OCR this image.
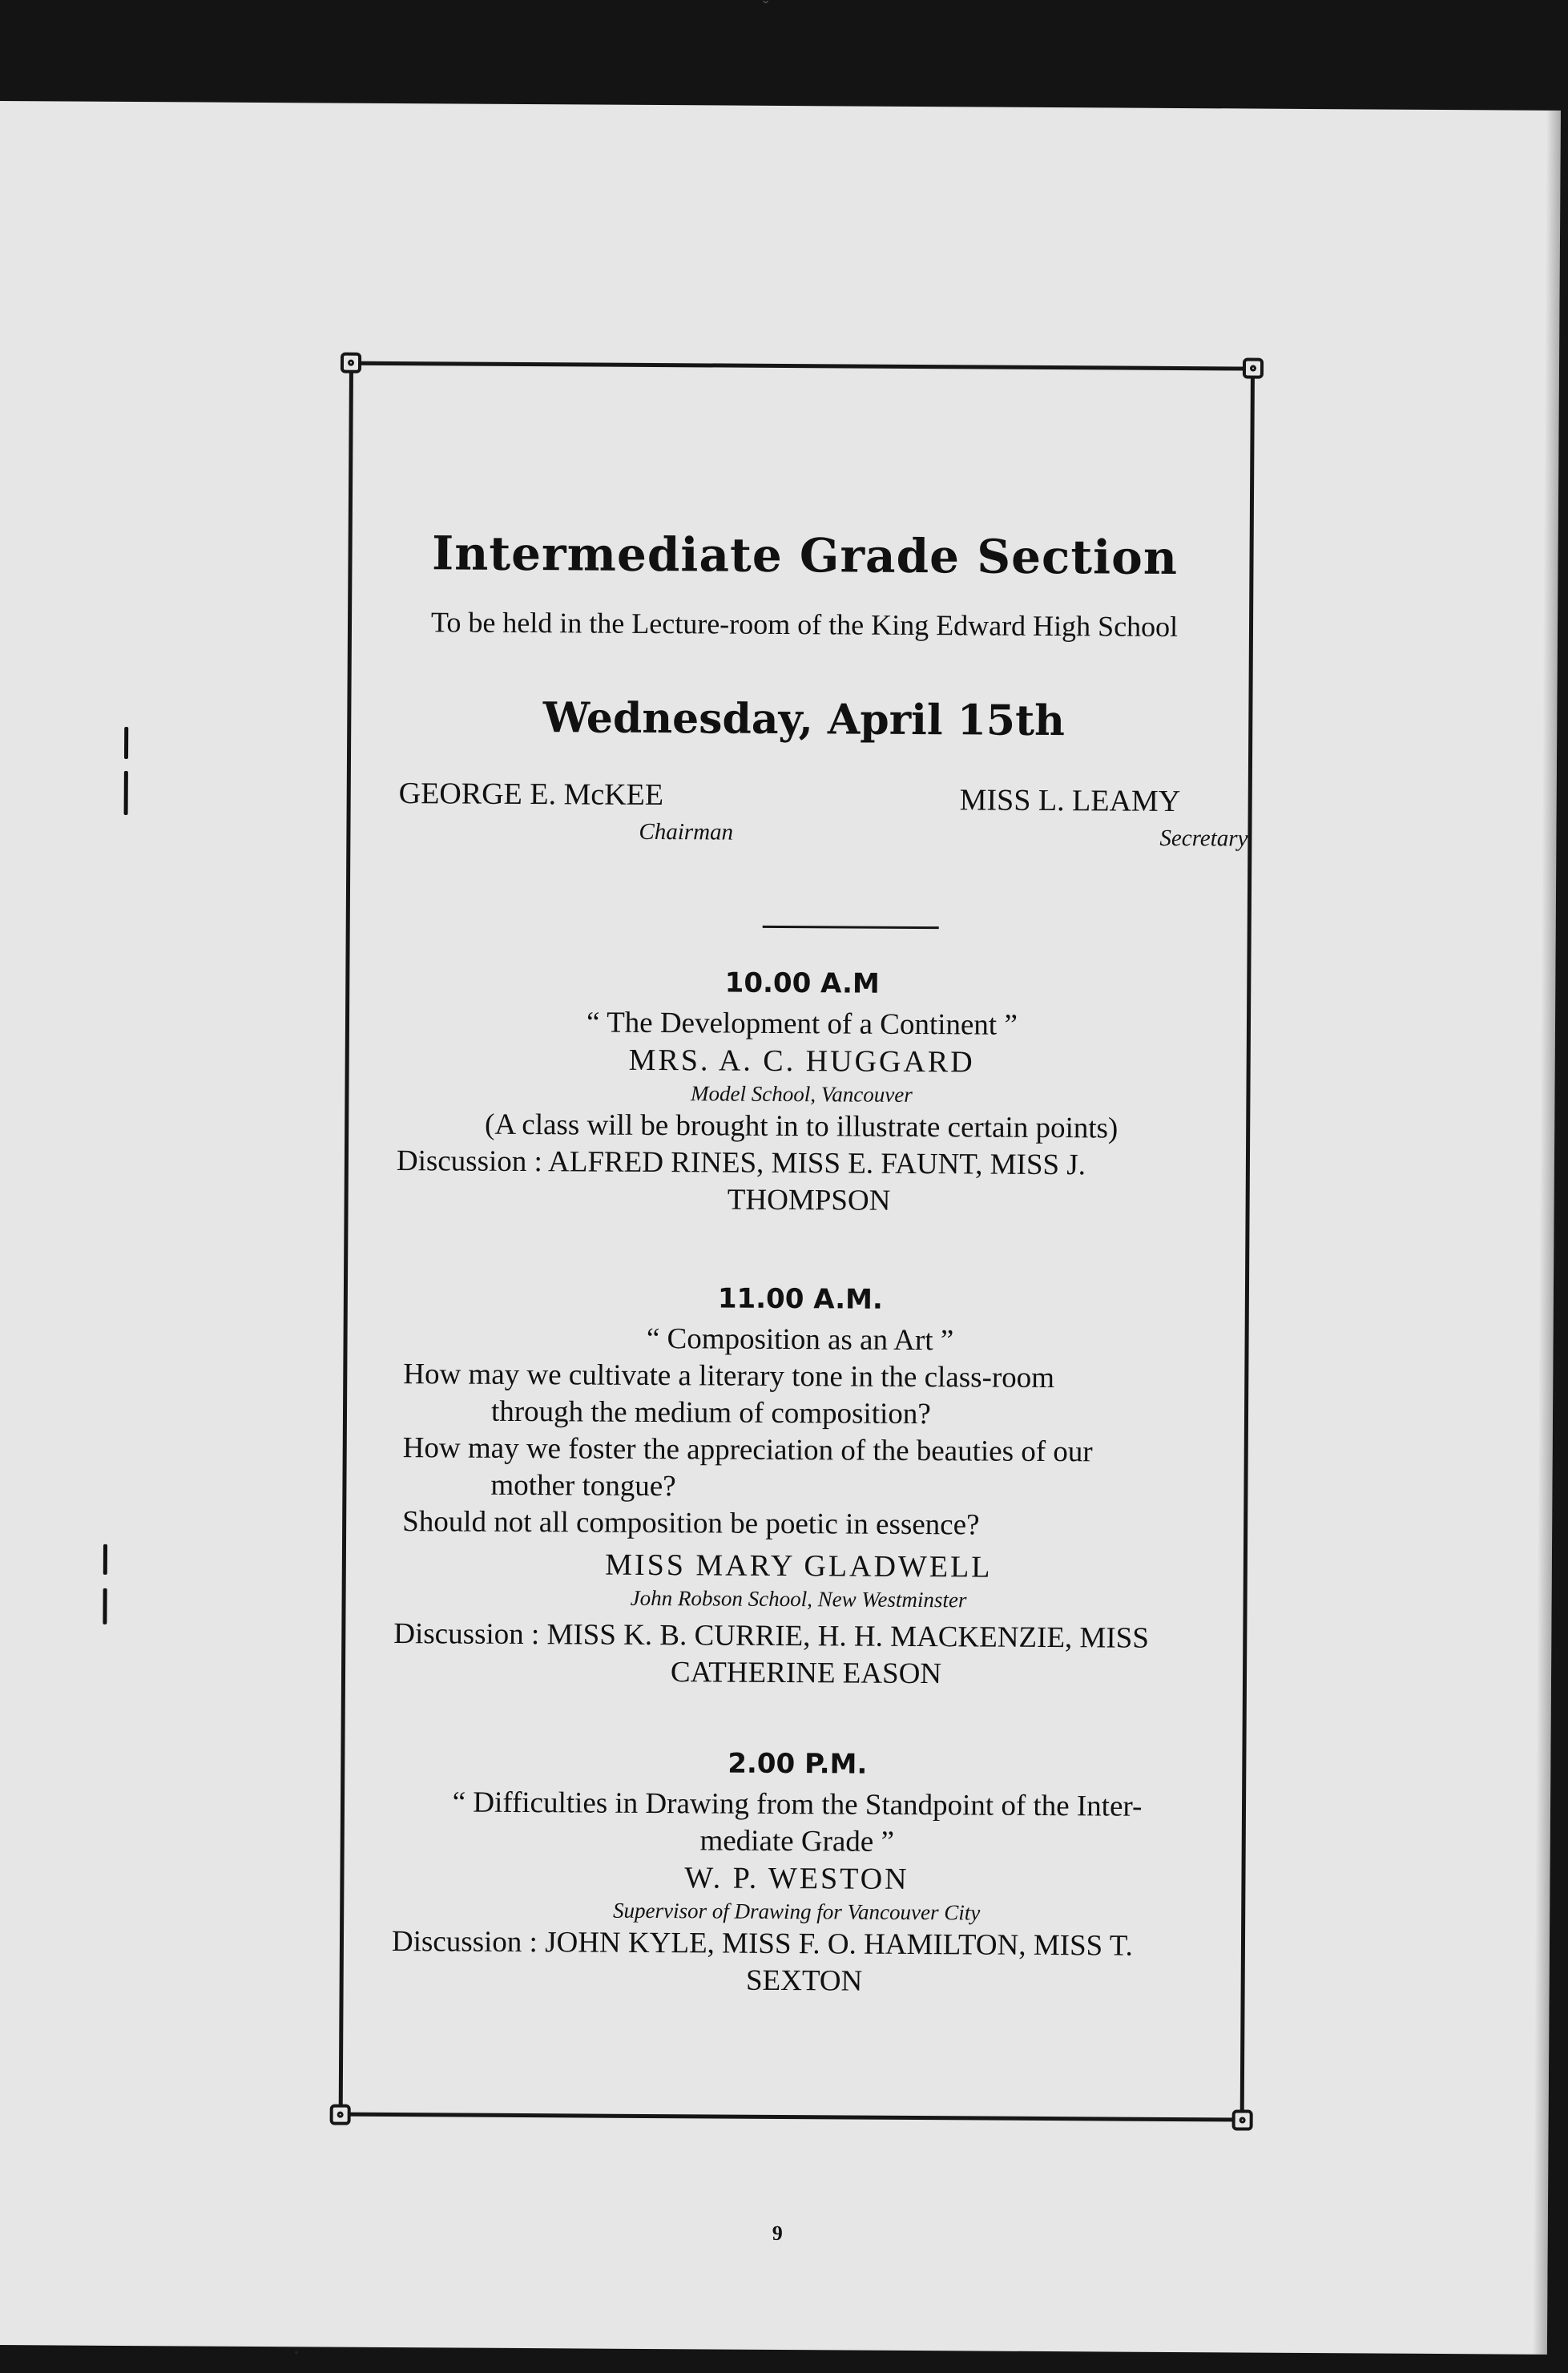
ˇ
Intermediate Grade Section
To be held in the Lecture-room of the King Edward High School
Wednesday, April 15th
GEORGE E. McKEE
Chairman
MISS L. LEAMY
Secretary
10.00 A.M
“ The Development of a Continent ”
MRS. A. C. HUGGARD
Model School, Vancouver
(A class will be brought in to illustrate certain points)
Discussion : ALFRED RINES, MISS E. FAUNT, MISS J.
THOMPSON
11.00 A.M.
“ Composition as an Art ”
How may we cultivate a literary tone in the class-room
through the medium of composition?
How may we foster the appreciation of the beauties of our
mother tongue?
Should not all composition be poetic in essence?
MISS MARY GLADWELL
John Robson School, New Westminster
Discussion : MISS K. B. CURRIE, H. H. MACKENZIE, MISS
CATHERINE EASON
2.00 P.M.
“ Difficulties in Drawing from the Standpoint of the Inter-
mediate Grade ”
W. P. WESTON
Supervisor of Drawing for Vancouver City
Discussion : JOHN KYLE, MISS F. O. HAMILTON, MISS T.
SEXTON
9
